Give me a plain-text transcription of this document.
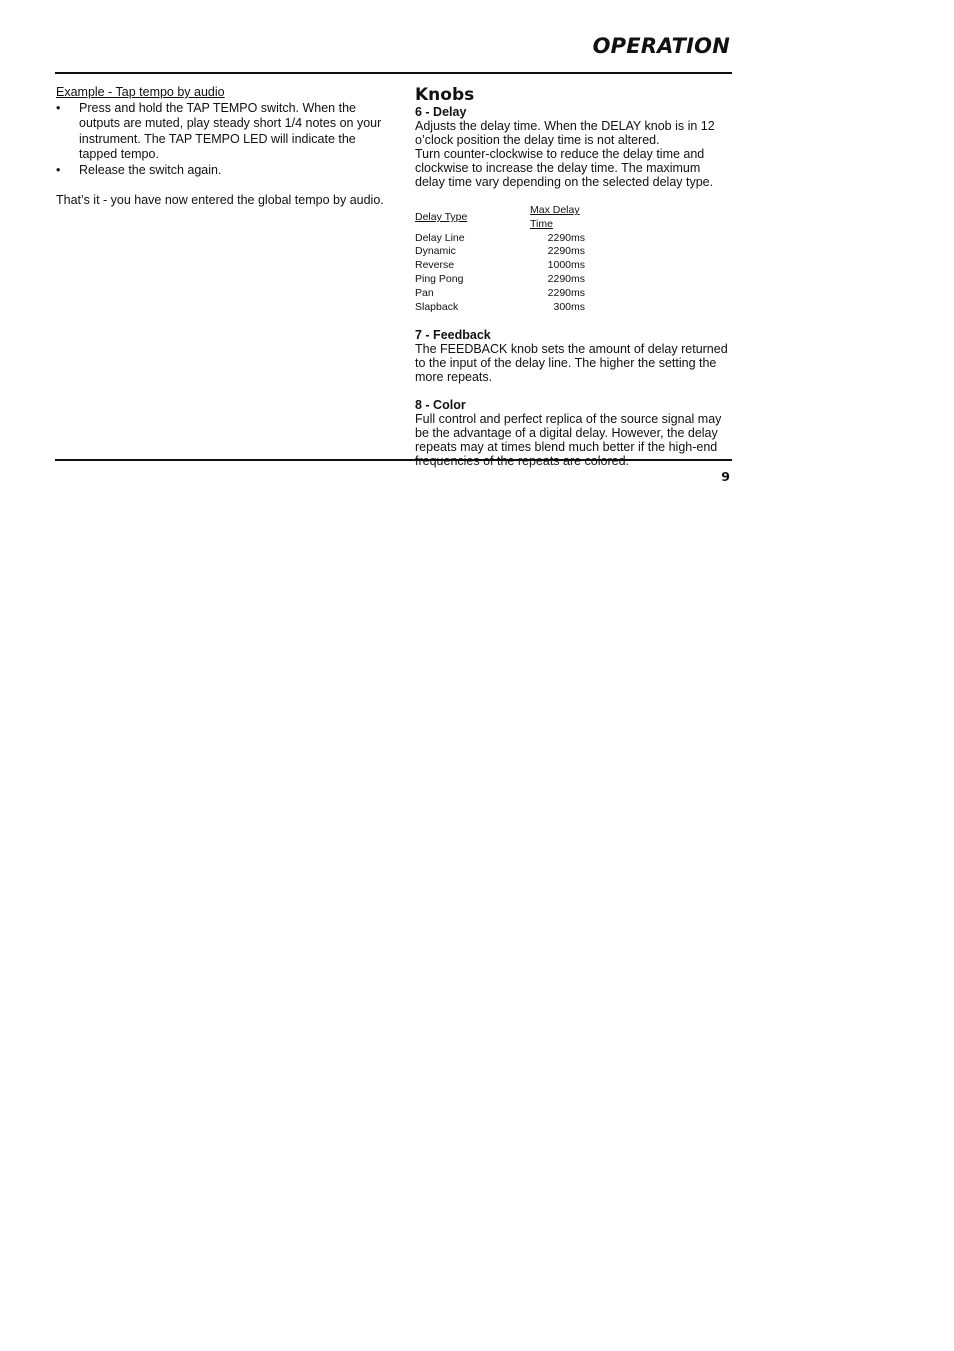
OPERATION
Example - Tap tempo by audio
• Press and hold the TAP TEMPO switch. When the outputs are muted, play steady short 1/4 notes on your instrument. The TAP TEMPO LED will indicate the tapped tempo.
• Release the switch again.
That’s it - you have now entered the global tempo by audio.
Knobs
6 - Delay
Adjusts the delay time. When the DELAY knob is in 12 o’clock position the delay time is not altered.
Turn counter-clockwise to reduce the delay time and clockwise to increase the delay time. The maximum delay time vary depending on the selected delay type.
Delay Type	Max Delay Time
Delay Line	2290ms
Dynamic	2290ms
Reverse	1000ms
Ping Pong	2290ms
Pan	2290ms
Slapback	300ms
7 - Feedback
The FEEDBACK knob sets the amount of delay returned to the input of the delay line. The higher the setting the more repeats.
8 - Color
Full control and perfect replica of the source signal may be the advantage of a digital delay. However, the delay repeats may at times blend much better if the high-end frequencies of the repeats are colored.
9
